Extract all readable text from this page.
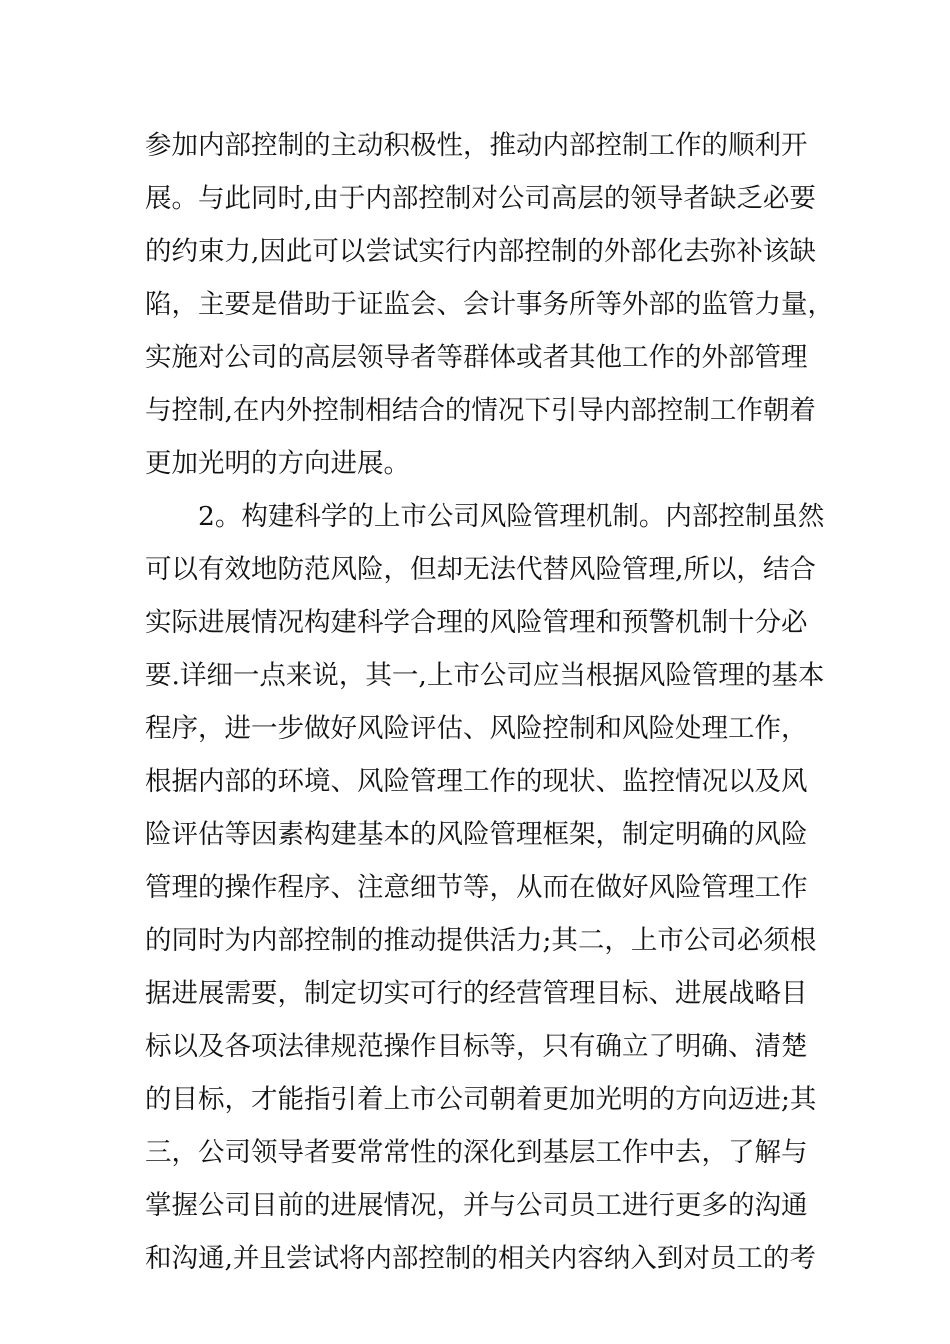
参加内部控制的主动积极性，推动内部控制工作的顺利开
展。与此同时,由于内部控制对公司高层的领导者缺乏必要
的约束力,因此可以尝试实行内部控制的外部化去弥补该缺
陷，主要是借助于证监会、会计事务所等外部的监管力量，
实施对公司的高层领导者等群体或者其他工作的外部管理
与控制,在内外控制相结合的情况下引导内部控制工作朝着
更加光明的方向进展。
2。构建科学的上市公司风险管理机制。内部控制虽然
可以有效地防范风险，但却无法代替风险管理,所以，结合
实际进展情况构建科学合理的风险管理和预警机制十分必
要.详细一点来说，其一,上市公司应当根据风险管理的基本
程序，进一步做好风险评估、风险控制和风险处理工作，
根据内部的环境、风险管理工作的现状、监控情况以及风
险评估等因素构建基本的风险管理框架，制定明确的风险
管理的操作程序、注意细节等，从而在做好风险管理工作
的同时为内部控制的推动提供活力;其二，上市公司必须根
据进展需要，制定切实可行的经营管理目标、进展战略目
标以及各项法律规范操作目标等，只有确立了明确、清楚
的目标，才能指引着上市公司朝着更加光明的方向迈进;其
三，公司领导者要常常性的深化到基层工作中去，了解与
掌握公司目前的进展情况，并与公司员工进行更多的沟通
和沟通,并且尝试将内部控制的相关内容纳入到对员工的考
